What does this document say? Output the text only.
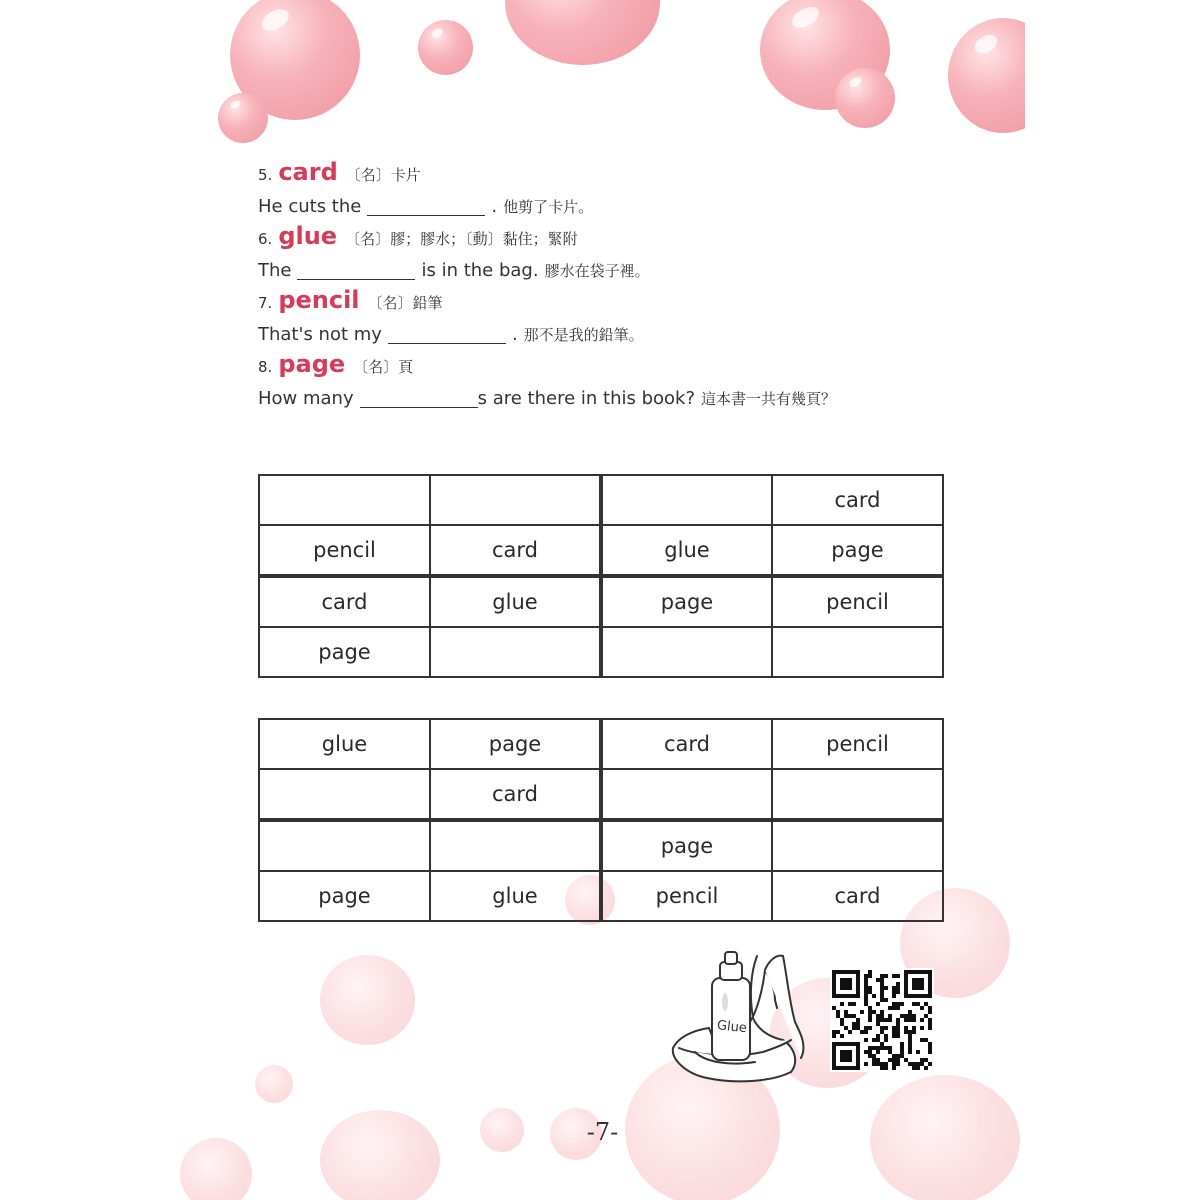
5. card 〔名〕卡片
He cuts the	. 他剪了卡片。
6. glue 〔名〕膠；膠水；〔動〕黏住；緊附
The	is in the bag. 膠水在袋子裡。
7. pencil 〔名〕鉛筆
That's not my	. 那不是我的鉛筆。
8. page 〔名〕頁
How many	s are there in this book? 這本書一共有幾頁？
			card
pencil	card	glue	page
card	glue	page	pencil
page			
glue	page	card	pencil
	card		
		page	
page	glue	pencil	card
Glue
-7-
